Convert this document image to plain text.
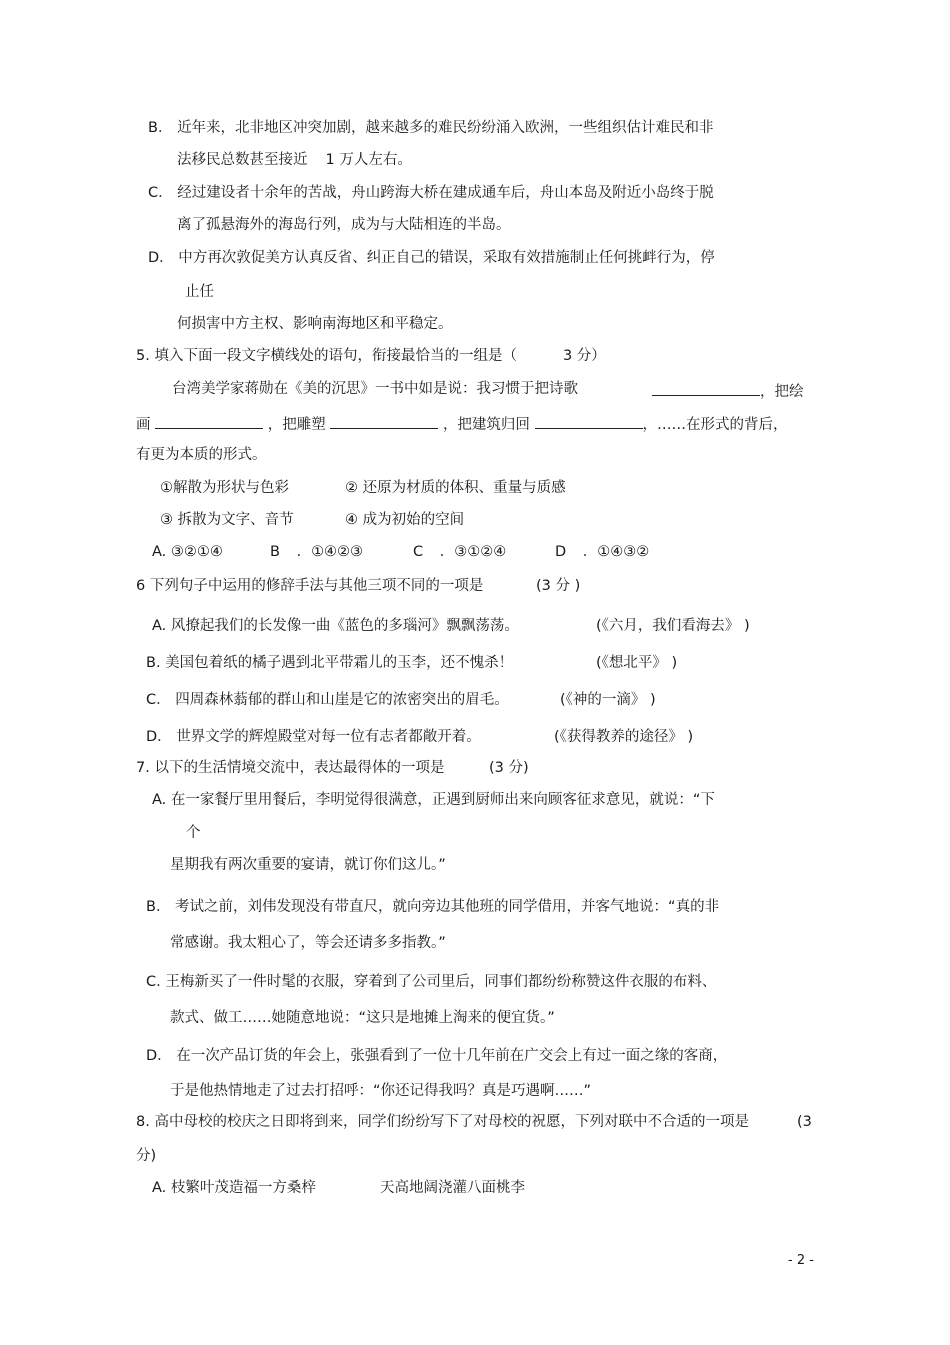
B． 近年来，北非地区冲突加剧，越来越多的难民纷纷涌入欧洲，一些组织估计难民和非
法移民总数甚至接近 1 万人左右。
C． 经过建设者十余年的苦战，舟山跨海大桥在建成通车后，舟山本岛及附近小岛终于脱
离了孤悬海外的海岛行列，成为与大陆相连的半岛。
D． 中方再次敦促美方认真反省、纠正自己的错误，采取有效措施制止任何挑衅行为，停
止任
何损害中方主权、影响南海地区和平稳定。
5. 填入下面一段文字横线处的语句，衔接最恰当的一组是（	3 分）
台湾美学家蒋勋在《美的沉思》一书中如是说：我习惯于把诗歌	，把绘
画	，把雕塑	，把建筑归回	，……在形式的背后，
有更为本质的形式。
①解散为形状与色彩	② 还原为材质的体积、重量与质感
③ 拆散为文字、音节	④ 成为初始的空间
A. ③②①④	B ．①④②③	C ．③①②④	D ．①④③②
6 下列句子中运用的修辞手法与其他三项不同的一项是	(3 分 )
A. 风撩起我们的长发像一曲《蓝色的多瑙河》飘飘荡荡。	(《六月，我们看海去》 )
B. 美国包着纸的橘子遇到北平带霜儿的玉李，还不愧杀！	(《想北平》 )
C． 四周森林蓊郁的群山和山崖是它的浓密突出的眉毛。	(《神的一滴》 )
D． 世界文学的辉煌殿堂对每一位有志者都敞开着。	(《获得教养的途径》 )
7. 以下的生活情境交流中，表达最得体的一项是	(3 分)
A. 在一家餐厅里用餐后，李明觉得很满意，正遇到厨师出来向顾客征求意见，就说：“下
个
星期我有两次重要的宴请，就订你们这儿。”
B． 考试之前，刘伟发现没有带直尺，就向旁边其他班的同学借用，并客气地说：“真的非
常感谢。我太粗心了，等会还请多多指教。”
C. 王梅新买了一件时髦的衣服，穿着到了公司里后，同事们都纷纷称赞这件衣服的布料、
款式、做工……她随意地说：“这只是地摊上淘来的便宜货。”
D． 在一次产品订货的年会上，张强看到了一位十几年前在广交会上有过一面之缘的客商，
于是他热情地走了过去打招呼：“你还记得我吗？真是巧遇啊……”
8. 高中母校的校庆之日即将到来，同学们纷纷写下了对母校的祝愿，下列对联中不合适的一项是	(3
分)
A. 枝繁叶茂造福一方桑梓	天高地阔浇灌八面桃李
- 2 -
